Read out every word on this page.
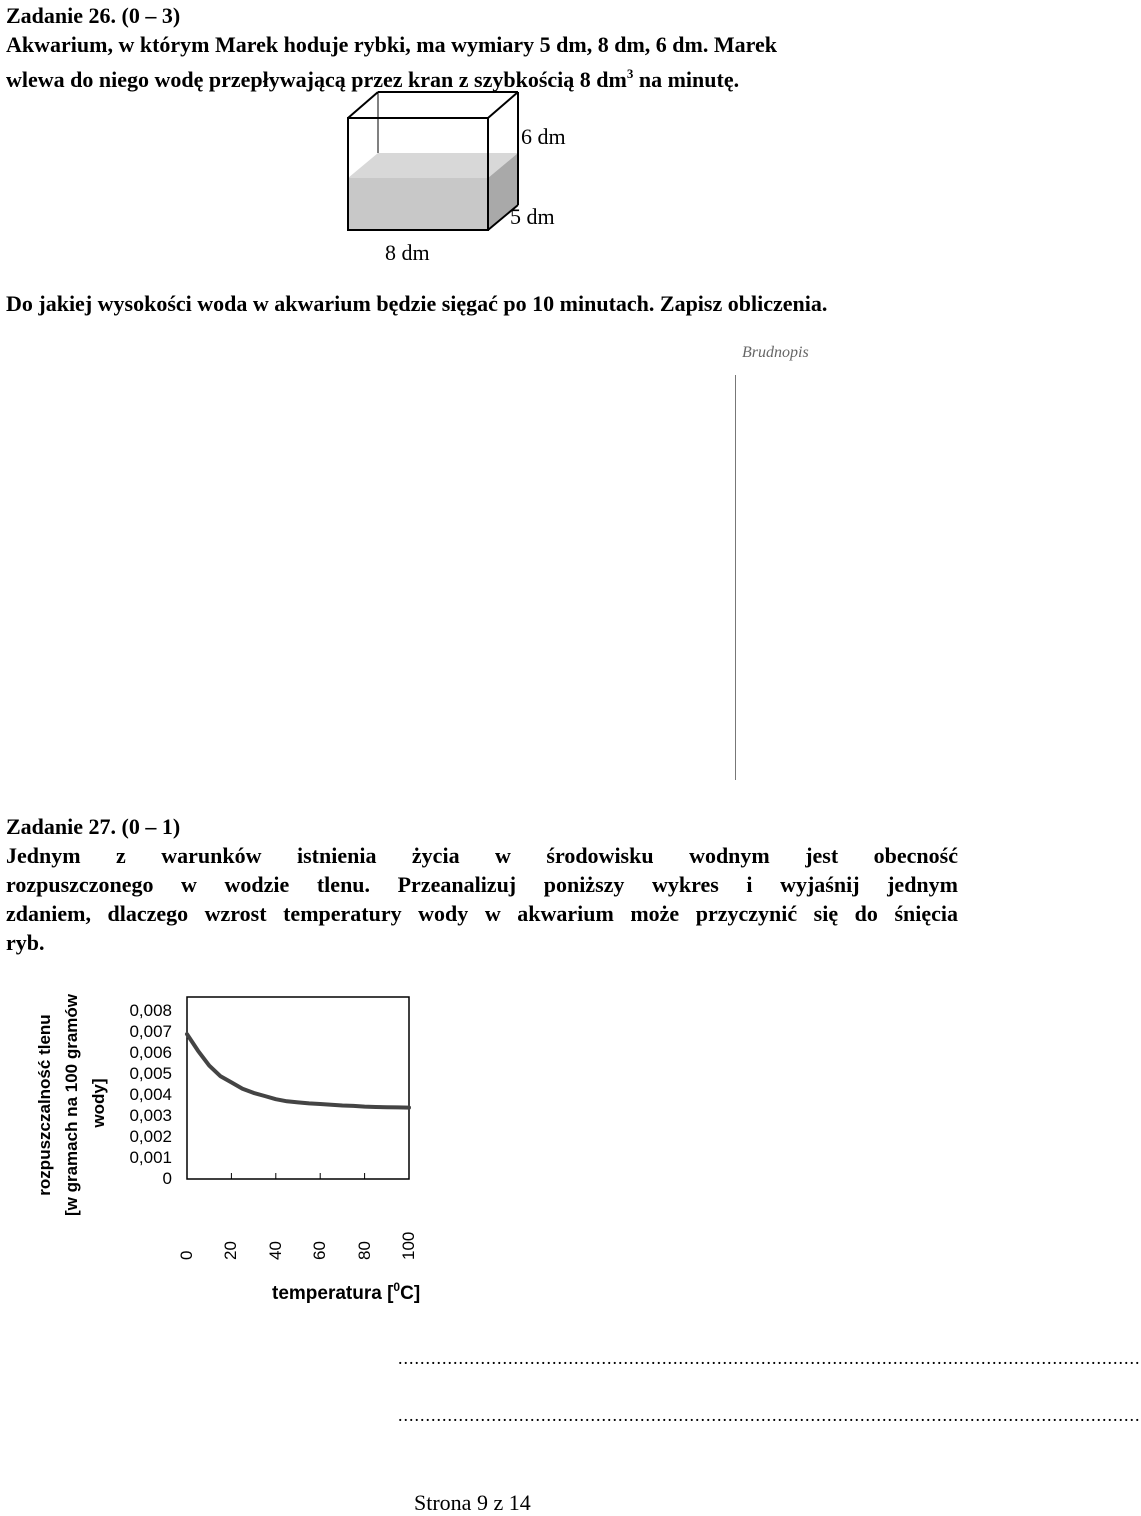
Zadanie 26. (0 – 3)
Akwarium, w którym Marek hoduje rybki, ma wymiary 5 dm, 8 dm, 6 dm. Marek
wlewa do niego wodę przepływającą przez kran z szybkością 8 $dm^3$ na minutę.
6 dm
5 dm
8 dm
Do jakiej wysokości woda w akwarium będzie sięgać po 10 minutach. Zapisz obliczenia.
Brudnopis
Zadanie 27. (0 – 1)
Jednym z warunków istnienia życia w środowisku wodnym jest obecność
rozpuszczonego w wodzie tlenu. Przeanalizuj poniższy wykres i wyjaśnij jednym
zdaniem, dlaczego wzrost temperatury wody w akwarium może przyczynić się do śnięcia
ryb.
rozpuszczalność tlenu [w gramach na 100 gramów wody]
0,008
0,007
0,006
0,005
0,004
0,003
0,002
0,001
0
0 20 40 60 80 100
temperatura [$^0$C]
.......................................................................................................................................
.......................................................................................................................................
Strona 9 z 14
